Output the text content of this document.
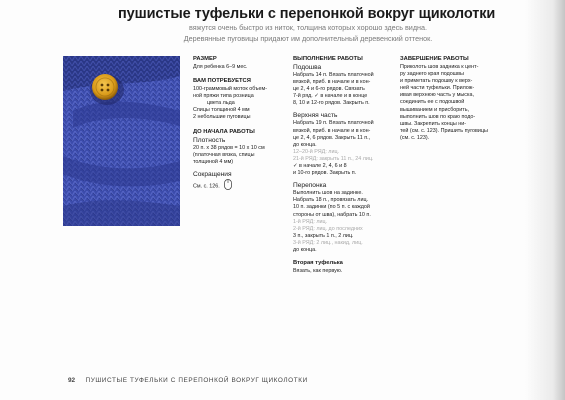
пушистые туфельки с перепонкой вокруг щиколотки
вяжутся очень быстро из ниток, толщина которых хорошо здесь видна.
Деревянные пуговицы придают им дополнительный деревенский оттенок.
РАЗМЕР
Для ребенка 6–9 мес.
ВАМ ПОТРЕБУЕТСЯ
100-граммовый моток объем-
ной пряжи типа розница
цвета льда
Спицы толщиной 4 мм
2 небольшие пуговицы
ДО НАЧАЛА РАБОТЫ
Плотность
20 п. х 38 рядов = 10 х 10 см
(платочная вязка, спицы
толщиной 4 мм)
Сокращения
См. с. 126.
ВЫПОЛНЕНИЕ РАБОТЫ
Подошва
Набрать 14 п. Вязать платочной
вязкой, приб. в начале и в кон-
це 2, 4 и 6-го рядов. Связать
7-й ряд. ✓ в начале и в конце
8, 10 и 12-го рядов. Закрыть п.
Верхняя часть
Набрать 19 п. Вязать платочной
вязкой, приб. в начале и в кон-
це 2, 4, 6 рядов. Закрыть 11 п.,
до конца.
12–20-й РЯД: лиц.
21-й РЯД: закрыть 11 п., 24 лиц.
✓ в начале 2, 4, 6 и 8
и 10-го рядов. Закрыть п.
Перепонка
Выполнить шов на задинке.
Набрать 18 п., провязать лиц.
10 п. задинки (по 5 п. с каждой
стороны от шва), набрать 10 п.
1-й РЯД: лиц.
2-й РЯД: лиц. до последних
3 п., закрыть 1 п., 2 лиц.
3-й РЯД: 2 лиц., накид, лиц.
до конца.
Вторая туфелька
Вязать, как первую.
ЗАВЕРШЕНИЕ РАБОТЫ
Приколоть шов задника к цент-
ру заднего края подошвы
и приметать подошву к верх-
ней части туфельки. Прилож-
ивая верхнюю часть у мыска,
соединить ее с подошвой
вышиванием и присборить,
выполнить шов по краю подо-
швы. Закрепить концы ни-
тей (см. с. 123). Пришить пуговицы
(см. с. 123).
92 ПУШИСТЫЕ ТУФЕЛЬКИ С ПЕРЕПОНКОЙ ВОКРУГ ЩИКОЛОТКИ
